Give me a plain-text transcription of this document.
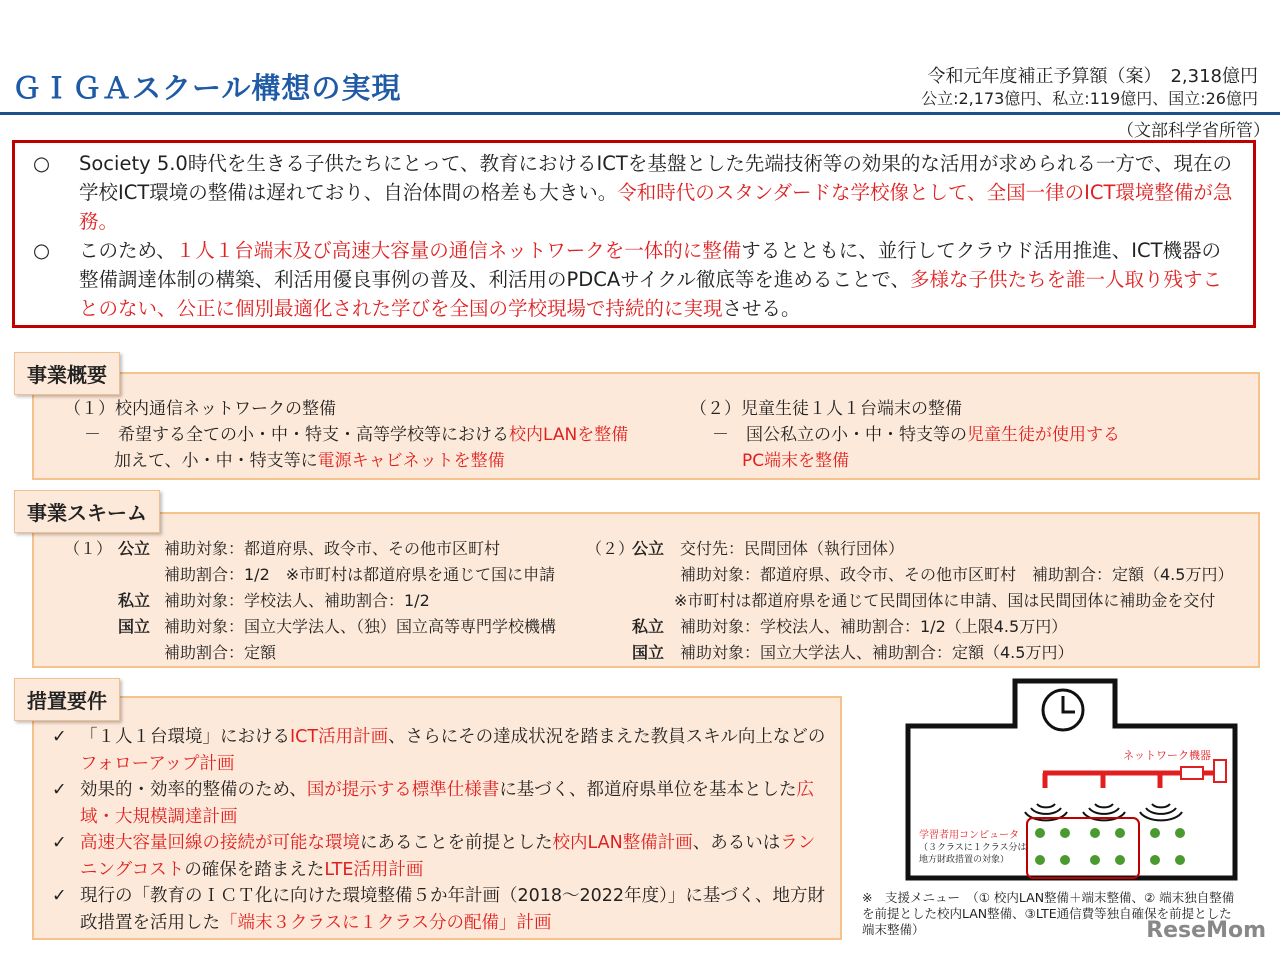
ＧＩＧＡスクール構想の実現	令和元年度補正予算額（案）　2,318億円
公立:2,173億円、私立:119億円、国立:26億円
（文部科学省所管）
○ Society 5.0時代を生きる子供たちにとって、教育におけるICTを基盤とした先端技術等の効果的な活用が求められる一方で、現在の学校ICT環境の整備は遅れており、自治体間の格差も大きい。令和時代のスタンダードな学校像として、全国一律のICT環境整備が急務。
○ このため、１人１台端末及び高速大容量の通信ネットワークを一体的に整備するとともに、並行してクラウド活用推進、ICT機器の整備調達体制の構築、利活用優良事例の普及、利活用のPDCAサイクル徹底等を進めることで、多様な子供たちを誰一人取り残すことのない、公正に個別最適化された学びを全国の学校現場で持続的に実現させる。
事業概要
（１）校内通信ネットワークの整備
－　希望する全ての小・中・特支・高等学校等における校内LANを整備
加えて、小・中・特支等に電源キャビネットを整備
（２）児童生徒１人１台端末の整備
－　国公私立の小・中・特支等の児童生徒が使用する
PC端末を整備
事業スキーム
（１） 公立 補助対象：都道府県、政令市、その他市区町村
補助割合：1/2　※市町村は都道府県を通じて国に申請
私立 補助対象：学校法人、補助割合：1/2
国立 補助対象：国立大学法人、（独）国立高等専門学校機構
補助割合：定額
（２）
公立 交付先：民間団体（執行団体）
補助対象：都道府県、政令市、その他市区町村　補助割合：定額（4.5万円）
※市町村は都道府県を通じて民間団体に申請、国は民間団体に補助金を交付
私立 補助対象：学校法人、補助割合：1/2（上限4.5万円）
国立 補助対象：国立大学法人、補助割合：定額（4.5万円）
措置要件
✓ 「１人１台環境」におけるICT活用計画、さらにその達成状況を踏まえた教員スキル向上などのフォローアップ計画
✓ 効果的・効率的整備のため、国が提示する標準仕様書に基づく、都道府県単位を基本とした広域・大規模調達計画
✓ 高速大容量回線の接続が可能な環境にあることを前提とした校内LAN整備計画、あるいはランニングコストの確保を踏まえたLTE活用計画
✓ 現行の「教育のＩＣＴ化に向けた環境整備５か年計画（2018～2022年度）」に基づく、地方財政措置を活用した「端末３クラスに１クラス分の配備」計画
ネットワーク機器
学習者用コンピュータ
（３クラスに１クラス分は地方財政措置の対象）
※　支援メニュー　（① 校内LAN整備＋端末整備、② 端末独自整備を前提とした校内LAN整備、③LTE通信費等独自確保を前提とした端末整備）	ReseMom
